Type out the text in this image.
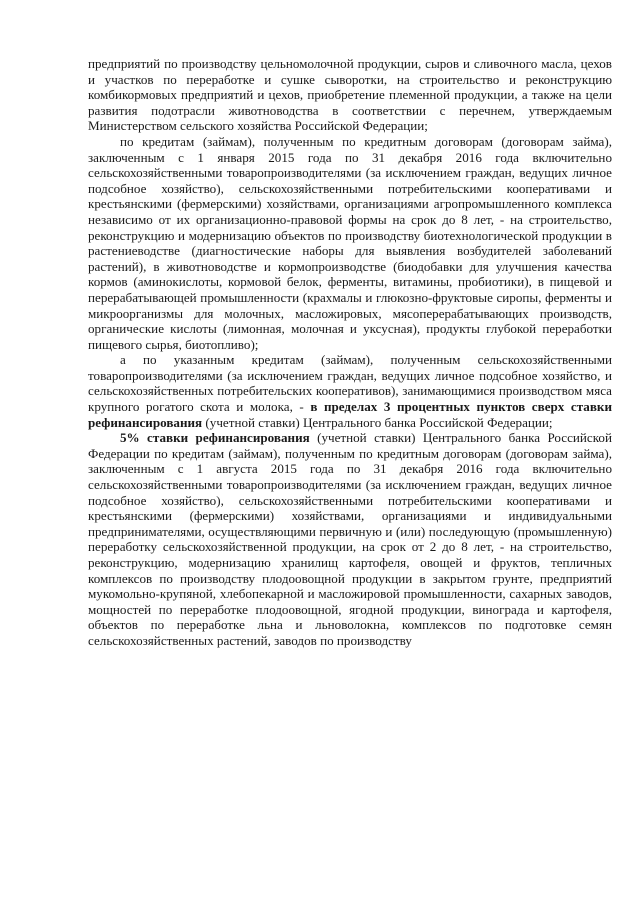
предприятий по производству цельномолочной продукции, сыров и сливочного масла, цехов и участков по переработке и сушке сыворотки, на строительство и реконструкцию комбикормовых предприятий и цехов, приобретение племенной продукции, а также на цели развития подотрасли животноводства в соответствии с перечнем, утверждаемым Министерством сельского хозяйства Российской Федерации;

по кредитам (займам), полученным по кредитным договорам (договорам займа), заключенным с 1 января 2015 года по 31 декабря 2016 года включительно сельскохозяйственными товаропроизводителями (за исключением граждан, ведущих личное подсобное хозяйство), сельскохозяйственными потребительскими кооперативами и крестьянскими (фермерскими) хозяйствами, организациями агропромышленного комплекса независимо от их организационно-правовой формы на срок до 8 лет, - на строительство, реконструкцию и модернизацию объектов по производству биотехнологической продукции в растениеводстве (диагностические наборы для выявления возбудителей заболеваний растений), в животноводстве и кормопроизводстве (биодобавки для улучшения качества кормов (аминокислоты, кормовой белок, ферменты, витамины, пробиотики), в пищевой и перерабатывающей промышленности (крахмалы и глюкозно-фруктовые сиропы, ферменты и микроорганизмы для молочных, масложировых, мясоперерабатывающих производств, органические кислоты (лимонная, молочная и уксусная), продукты глубокой переработки пищевого сырья, биотопливо);

а по указанным кредитам (займам), полученным сельскохозяйственными товаропроизводителями (за исключением граждан, ведущих личное подсобное хозяйство, и сельскохозяйственных потребительских кооперативов), занимающимися производством мяса крупного рогатого скота и молока, - в пределах 3 процентных пунктов сверх ставки рефинансирования (учетной ставки) Центрального банка Российской Федерации;

5% ставки рефинансирования (учетной ставки) Центрального банка Российской Федерации по кредитам (займам), полученным по кредитным договорам (договорам займа), заключенным с 1 августа 2015 года по 31 декабря 2016 года включительно сельскохозяйственными товаропроизводителями (за исключением граждан, ведущих личное подсобное хозяйство), сельскохозяйственными потребительскими кооперативами и крестьянскими (фермерскими) хозяйствами, организациями и индивидуальными предпринимателями, осуществляющими первичную и (или) последующую (промышленную) переработку сельскохозяйственной продукции, на срок от 2 до 8 лет, - на строительство, реконструкцию, модернизацию хранилищ картофеля, овощей и фруктов, тепличных комплексов по производству плодоовощной продукции в закрытом грунте, предприятий мукомольно-крупяной, хлебопекарной и масложировой промышленности, сахарных заводов, мощностей по переработке плодоовощной, ягодной продукции, винограда и картофеля, объектов по переработке льна и льноволокна, комплексов по подготовке семян сельскохозяйственных растений, заводов по производству
